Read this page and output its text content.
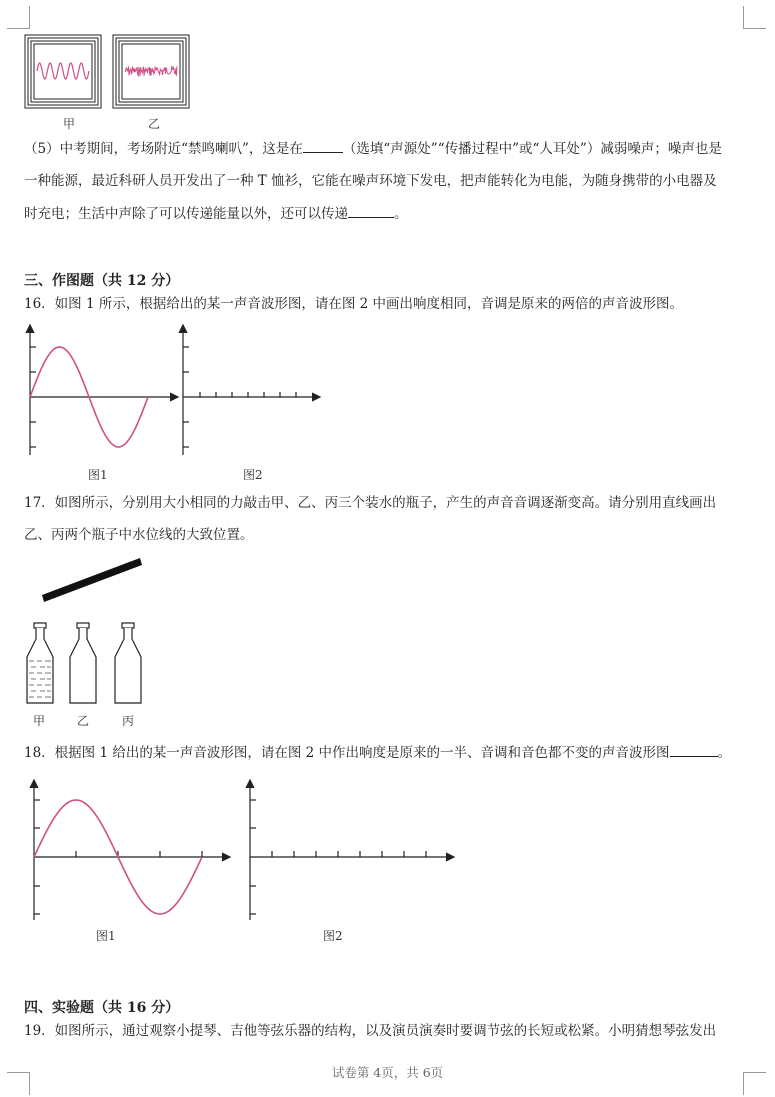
甲	乙
（5）中考期间，考场附近“禁鸣喇叭”，这是在	（选填“声源处”“传播过程中”或“人耳处”）减弱噪声；噪声也是
一种能源，最近科研人员开发出了一种 T 恤衫，它能在噪声环境下发电，把声能转化为电能，为随身携带的小电器及
时充电；生活中声除了可以传递能量以外，还可以传递	。
三、作图题（共 12 分）
16．如图 1 所示，根据给出的某一声音波形图，请在图 2 中画出响度相同，音调是原来的两倍的声音波形图。
图1	图2
17．如图所示，分别用大小相同的力敲击甲、乙、丙三个装水的瓶子，产生的声音音调逐渐变高。请分别用直线画出
乙、丙两个瓶子中水位线的大致位置。
甲	乙	丙
18．根据图 1 给出的某一声音波形图，请在图 2 中作出响度是原来的一半、音调和音色都不变的声音波形图	。
图1	图2
四、实验题（共 16 分）
19．如图所示，通过观察小提琴、吉他等弦乐器的结构，以及演员演奏时要调节弦的长短或松紧。小明猜想琴弦发出
试卷第 4页，共 6页
